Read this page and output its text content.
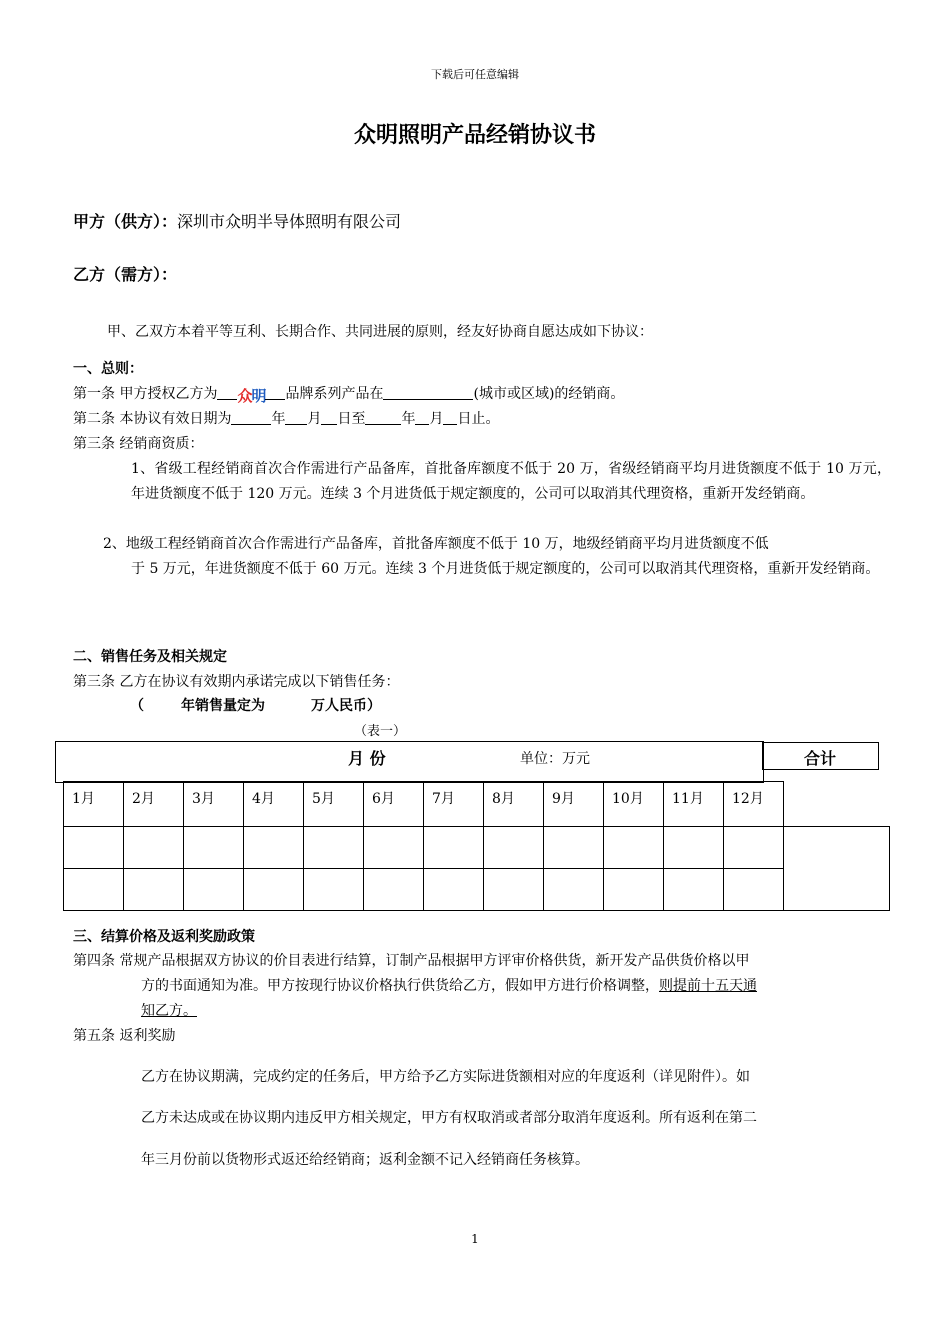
下载后可任意编辑
众明照明产品经销协议书
甲方（供方）：深圳市众明半导体照明有限公司
乙方（需方）：
甲、乙双方本着平等互利、长期合作、共同进展的原则，经友好协商自愿达成如下协议：
一、总则：
第一条 甲方授权乙方为 众明 品牌系列产品在	(城市或区域)的经销商。
第二条 本协议有效日期为	年 月 日至	年 月 日止。
第三条 经销商资质：
1、省级工程经销商首次合作需进行产品备库，首批备库额度不低于 20 万，省级经销商平均月进货额度不低于 10 万元，年进货额度不低于 120 万元。连续 3 个月进货低于规定额度的，公司可以取消其代理资格，重新开发经销商。
2、地级工程经销商首次合作需进行产品备库，首批备库额度不低于 10 万，地级经销商平均月进货额度不低
于 5 万元，年进货额度不低于 60 万元。连续 3 个月进货低于规定额度的，公司可以取消其代理资格，重新开发经销商。
二、销售任务及相关规定
第三条 乙方在协议有效期内承诺完成以下销售任务：
（	年销售量定为	万人民币）
（表一）
月 份	单位：万元	合计
1月	2月	3月	4月	5月	6月	7月	8月	9月	10月	11月	12月	

三、结算价格及返利奖励政策
第四条 常规产品根据双方协议的价目表进行结算，订制产品根据甲方评审价格供货，新开发产品供货价格以甲
方的书面通知为准。甲方按现行协议价格执行供货给乙方，假如甲方进行价格调整，则提前十五天通
知乙方。
第五条 返利奖励
乙方在协议期满，完成约定的任务后，甲方给予乙方实际进货额相对应的年度返利（详见附件）。如
乙方未达成或在协议期内违反甲方相关规定，甲方有权取消或者部分取消年度返利。所有返利在第二
年三月份前以货物形式返还给经销商；返利金额不记入经销商任务核算。
1
